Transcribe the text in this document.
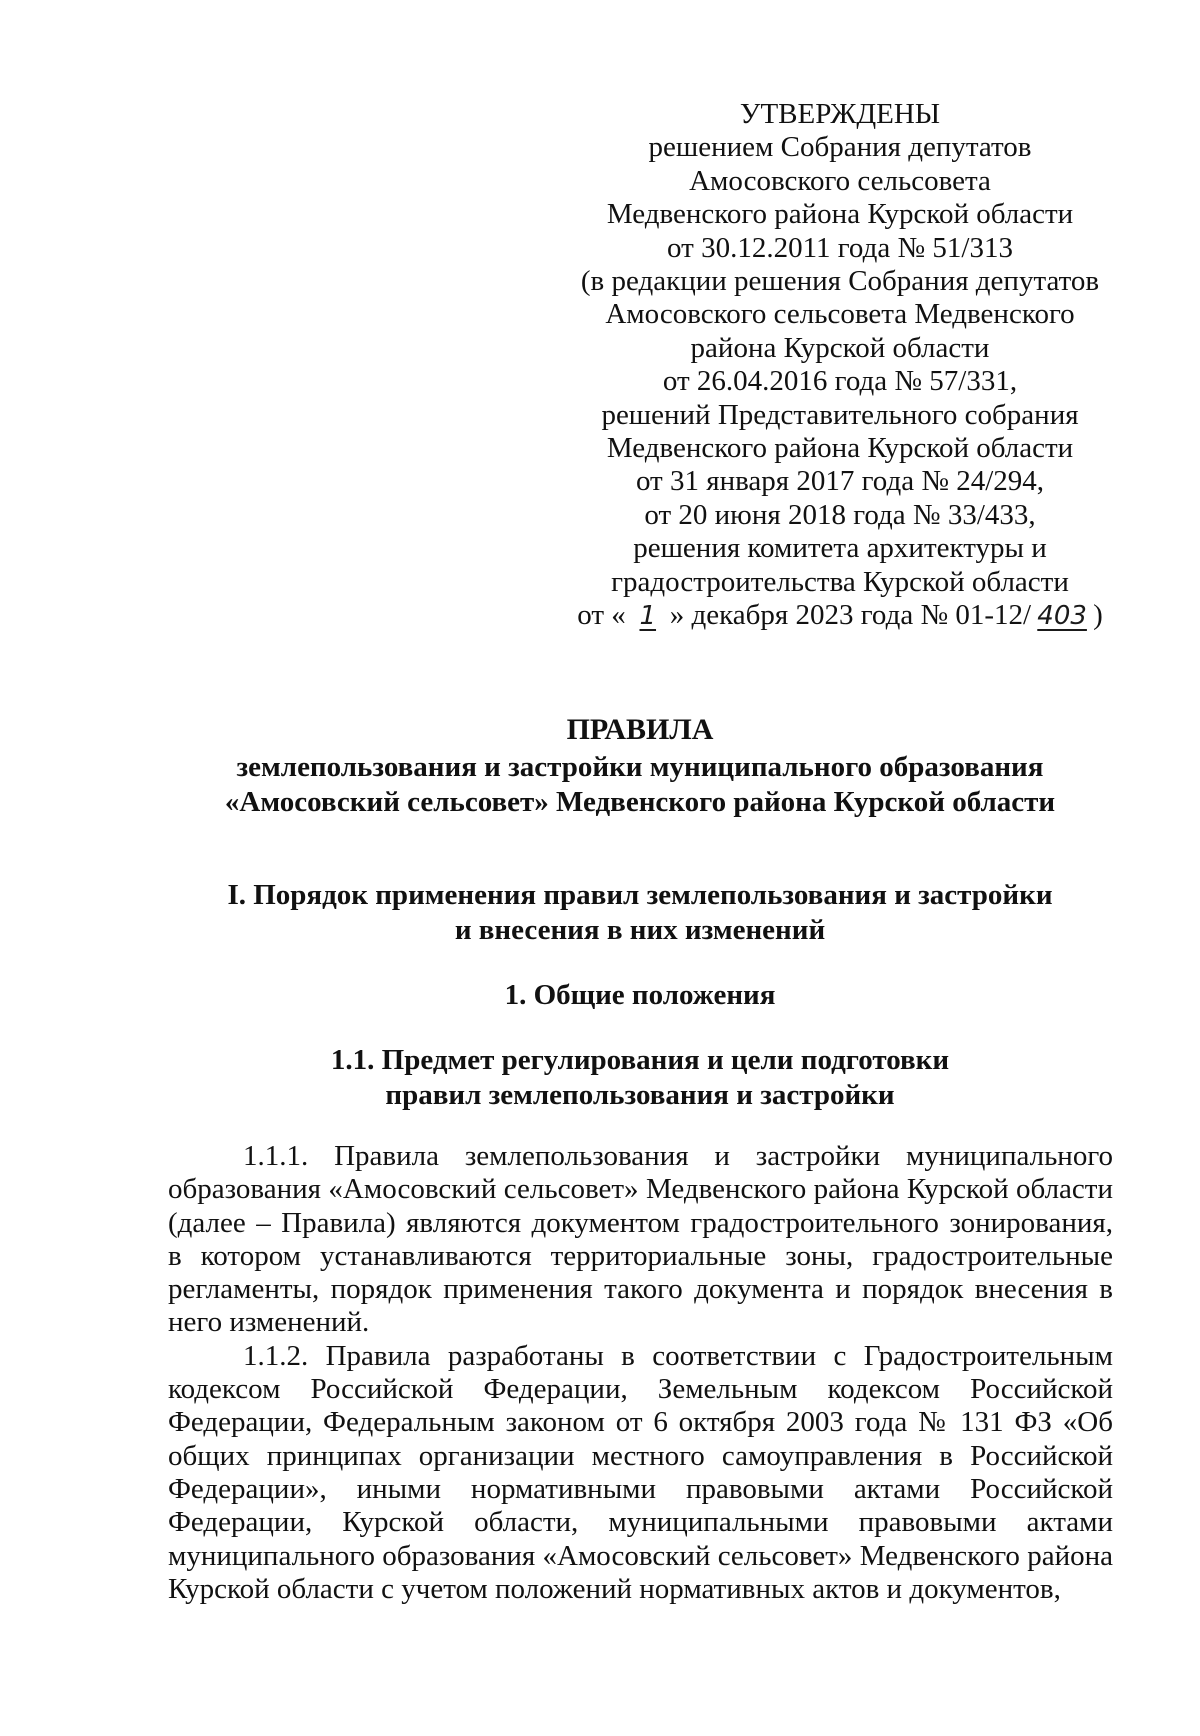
УТВЕРЖДЕНЫ
решением Собрания депутатов
Амосовского сельсовета
Медвенского района Курской области
от 30.12.2011 года № 51/313
(в редакции решения Собрания депутатов
Амосовского сельсовета Медвенского
района Курской области
от 26.04.2016 года № 57/331,
решений Представительного собрания
Медвенского района Курской области
от 31 января 2017 года № 24/294,
от 20 июня 2018 года № 33/433,
решения комитета архитектуры и
градостроительства Курской области
от « 1 » декабря 2023 года № 01-12/ 403 )
ПРАВИЛА
землепользования и застройки муниципального образования
«Амосовский сельсовет» Медвенского района Курской области
I. Порядок применения правил землепользования и застройки
и внесения в них изменений
1. Общие положения
1.1. Предмет регулирования и цели подготовки
правил землепользования и застройки

1.1.1. Правила землепользования и застройки муниципального образования «Амосовский сельсовет» Медвенского района Курской области (далее – Правила) являются документом градостроительного зонирования, в котором устанавливаются территориальные зоны, градостроительные регламенты, порядок применения такого документа и порядок внесения в него изменений.

1.1.2. Правила разработаны в соответствии с Градостроительным кодексом Российской Федерации, Земельным кодексом Российской Федерации, Федеральным законом от 6 октября 2003 года № 131 ФЗ «Об общих принципах организации местного самоуправления в Российской Федерации», иными нормативными правовыми актами Российской Федерации, Курской области, муниципальными правовыми актами муниципального образования «Амосовский сельсовет» Медвенского района Курской области с учетом положений нормативных актов и документов,
